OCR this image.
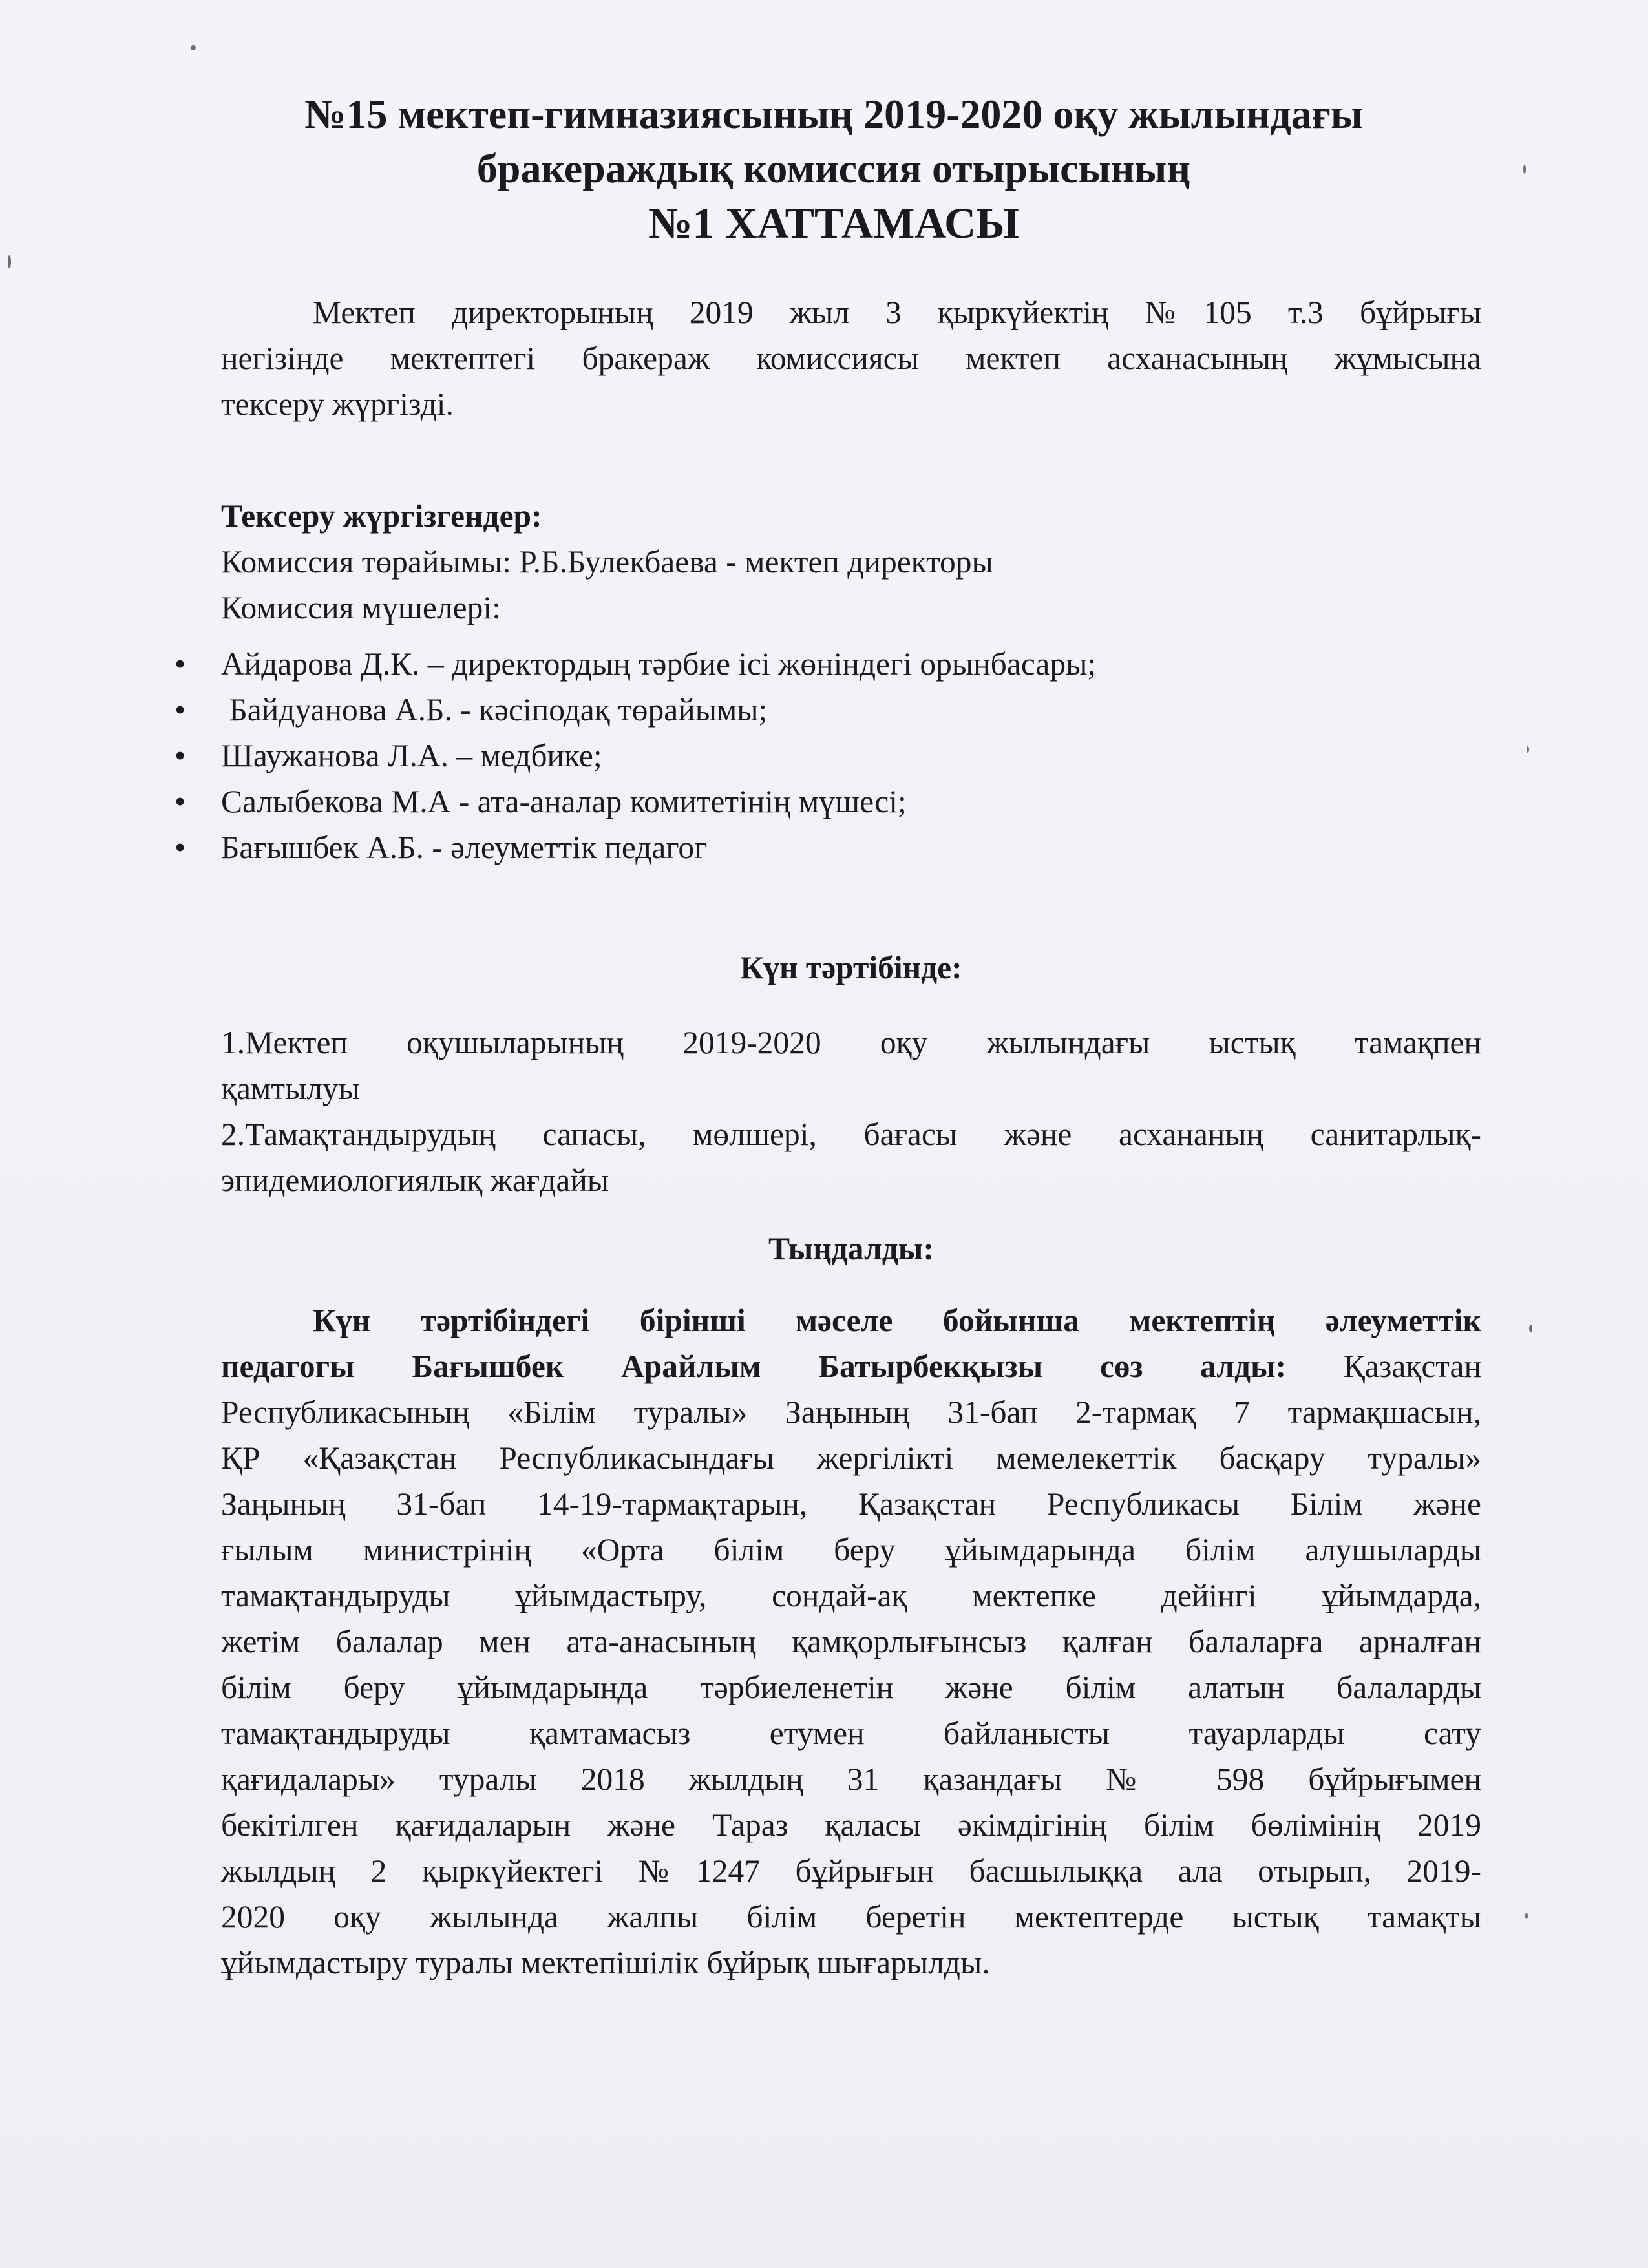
№15 мектеп-гимназиясының 2019-2020 оқу жылындағы
бракераждық комиссия отырысының
№1 ХАТТАМАСЫ
Мектеп директорының 2019 жыл 3 қыркүйектің №105 т.3 бұйрығы
негізінде мектептегі бракераж комиссиясы мектеп асханасының жұмысына
тексеру жүргізді.
Тексеру жүргізгендер:
Комиссия төрайымы: Р.Б.Булекбаева - мектеп директоры
Комиссия мүшелері:
• Айдарова Д.К. – директордың тәрбие ісі жөніндегі орынбасары;
• Байдуанова А.Б. - кәсіподақ төрайымы;
• Шаужанова Л.А. – медбике;
• Салыбекова М.А - ата-аналар комитетінің мүшесі;
• Бағышбек А.Б. - әлеуметтік педагог
Күн тәртібінде:
1.Мектеп оқушыларының 2019-2020 оқу жылындағы ыстық тамақпен
қамтылуы
2.Тамақтандырудың сапасы, мөлшері, бағасы және асхананың санитарлық-
эпидемиологиялық жағдайы
Тыңдалды:
Күн тәртібіндегі бірінші мәселе бойынша мектептің әлеуметтік
педагогы Бағышбек Арайлым Батырбекқызы сөз алды: Қазақстан
Республикасының «Білім туралы» Заңының 31-бап 2-тармақ 7 тармақшасын,
ҚР «Қазақстан Республикасындағы жергілікті мемелекеттік басқару туралы»
Заңының 31-бап 14-19-тармақтарын, Қазақстан Республикасы Білім және
ғылым министрінің «Орта білім беру ұйымдарында білім алушыларды
тамақтандыруды ұйымдастыру, сондай-ақ мектепке дейінгі ұйымдарда,
жетім балалар мен ата-анасының қамқорлығынсыз қалған балаларға арналған
білім беру ұйымдарында тәрбиеленетін және білім алатын балаларды
тамақтандыруды қамтамасыз етумен байланысты тауарларды сату
қағидалары» туралы 2018 жылдың 31 қазандағы № 598 бұйрығымен
бекітілген қағидаларын және Тараз қаласы әкімдігінің білім бөлімінің 2019
жылдың 2 қыркүйектегі №1247 бұйрығын басшылыққа ала отырып, 2019-
2020 оқу жылында жалпы білім беретін мектептерде ыстық тамақты
ұйымдастыру туралы мектепішілік бұйрық шығарылды.
